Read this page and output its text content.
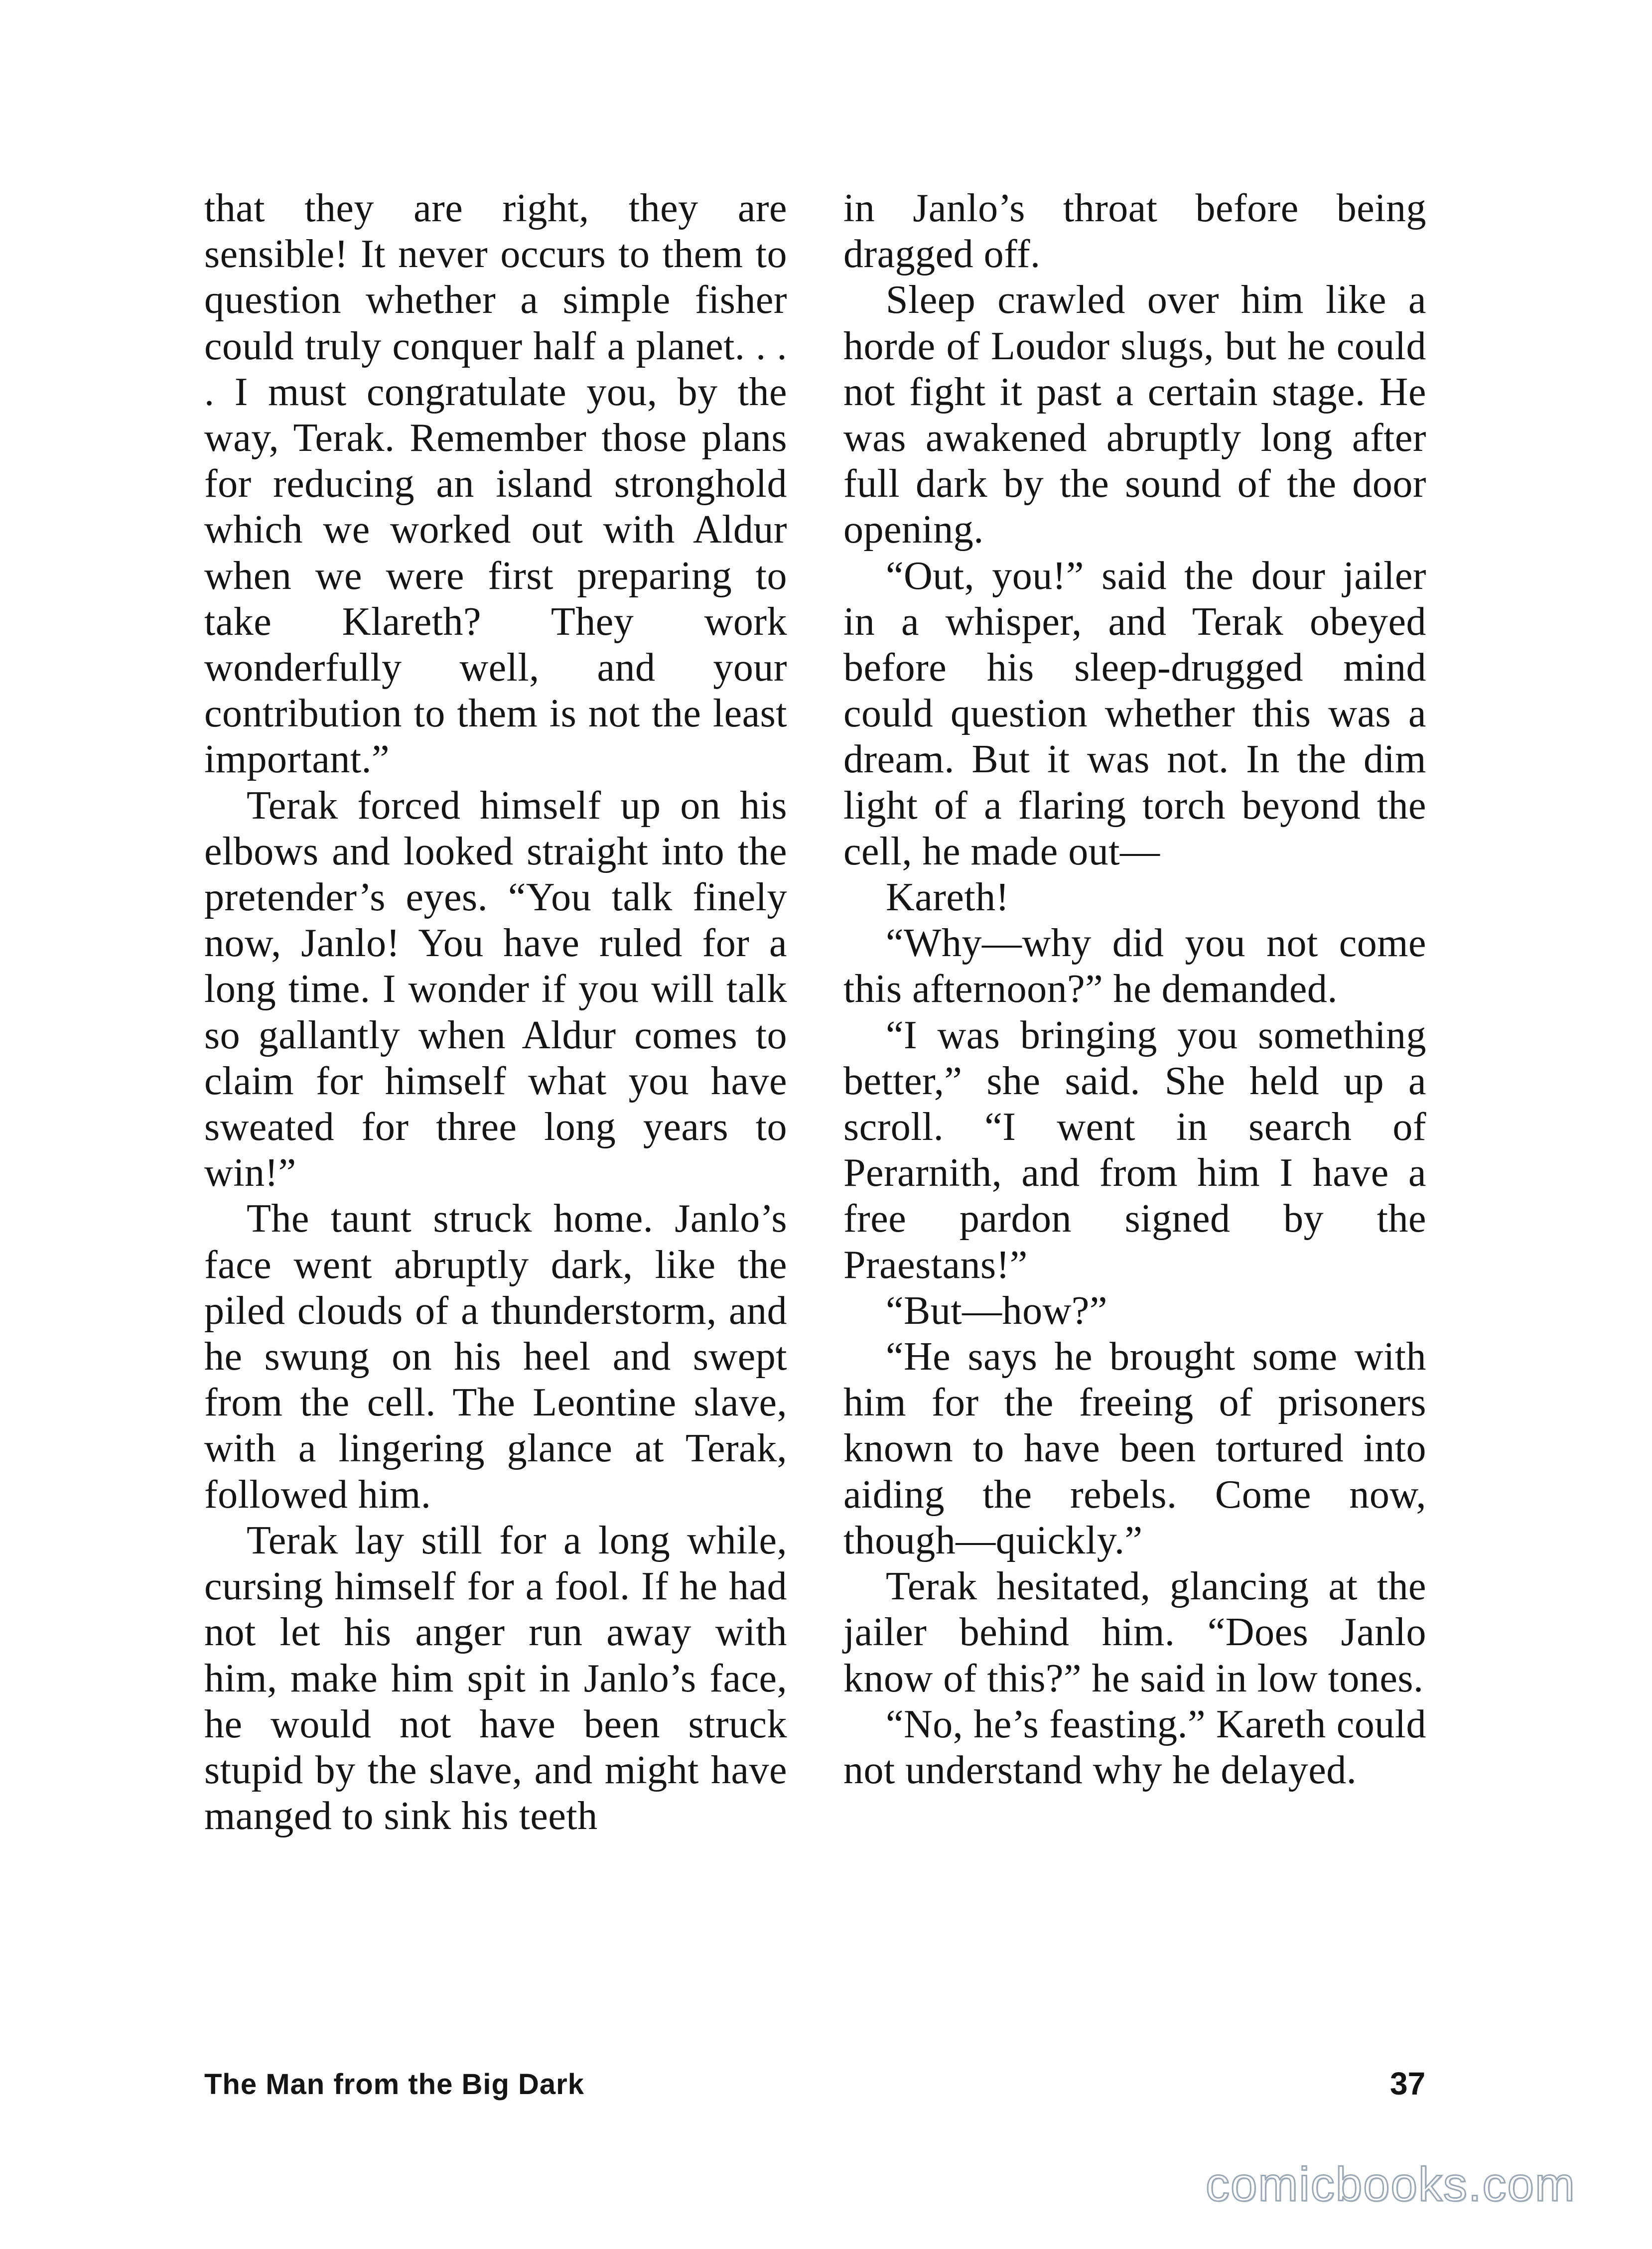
that they are right, they are sensible! It never occurs to them to question whether a simple fisher could truly conquer half a planet. . . . I must congratulate you, by the way, Terak. Remember those plans for reducing an island stronghold which we worked out with Aldur when we were first preparing to take Klareth? They work wonderfully well, and your contribution to them is not the least important.”

Terak forced himself up on his elbows and looked straight into the pretender’s eyes. “You talk finely now, Janlo! You have ruled for a long time. I wonder if you will talk so gallantly when Aldur comes to claim for himself what you have sweated for three long years to win!”

The taunt struck home. Janlo’s face went abruptly dark, like the piled clouds of a thunderstorm, and he swung on his heel and swept from the cell. The Leontine slave, with a lingering glance at Terak, followed him.

Terak lay still for a long while, cursing himself for a fool. If he had not let his anger run away with him, make him spit in Janlo’s face, he would not have been struck stupid by the slave, and might have manged to sink his teeth

in Janlo’s throat before being dragged off.

Sleep crawled over him like a horde of Loudor slugs, but he could not fight it past a certain stage. He was awakened abruptly long after full dark by the sound of the door opening.

“Out, you!” said the dour jailer in a whisper, and Terak obeyed before his sleep-drugged mind could question whether this was a dream. But it was not. In the dim light of a flaring torch beyond the cell, he made out—

Kareth!

“Why—why did you not come this afternoon?” he demanded.

“I was bringing you something better,” she said. She held up a scroll. “I went in search of Perarnith, and from him I have a free pardon signed by the Praestans!”

“But—how?”

“He says he brought some with him for the freeing of prisoners known to have been tortured into aiding the rebels. Come now, though—quickly.”

Terak hesitated, glancing at the jailer behind him. “Does Janlo know of this?” he said in low tones.

“No, he’s feasting.” Kareth could not understand why he delayed.

The Man from the Big Dark	37
comicbooks.com
